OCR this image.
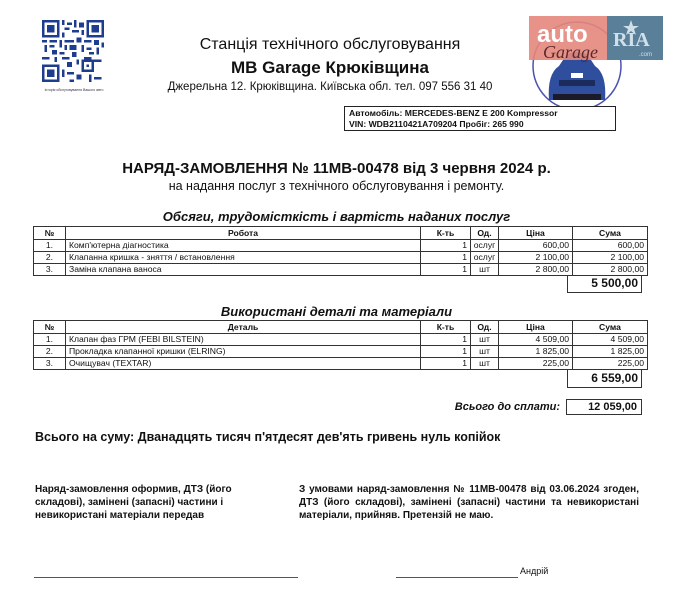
Історія обслуговування Вашого авто
Станція технічного обслуговування
MB Garage Крюківщина
Джерельна 12. Крюківщина. Київська обл. тел. 097 556 31 40
auto
Garage
RIA
.com
Автомобіль: MERCEDES-BENZ E 200 Kompressor
VIN: WDB2110421A709204 Пробіг: 265 990
НАРЯД-ЗАМОВЛЕННЯ № 11MB-00478 від 3 червня 2024 р.
на надання послуг з технічного обслуговування і ремонту.
Обсяги, трудомісткість і вартість наданих послуг
№	Робота	К-ть	Од.	Ціна	Сума
1.	Комп'ютерна діагностика	1	ослуг	600,00	600,00
2.	Клапанна кришка - зняття / встановлення	1	ослуг	2 100,00	2 100,00
3.	Заміна клапана ваноса	1	шт	2 800,00	2 800,00
5 500,00
Використані деталі та матеріали
№	Деталь	К-ть	Од.	Ціна	Сума
1.	Клапан фаз ГРМ (FEBI BILSTEIN)	1	шт	4 509,00	4 509,00
2.	Прокладка клапанної кришки (ELRING)	1	шт	1 825,00	1 825,00
3.	Очищувач (TEXTAR)	1	шт	225,00	225,00
6 559,00
Всього до сплати:	12 059,00
Всього на суму: Дванадцять тисяч п'ятдесят дев'ять гривень нуль копійок
Наряд-замовлення оформив, ДТЗ (його складові), замінені (запасні) частини і невикористані матеріали передав
З умовами наряд-замовлення № 11MB-00478 від 03.06.2024 згоден, ДТЗ (його складові), замінені (запасні) частини та невикористані матеріали, прийняв. Претензій не маю.
Андрій
